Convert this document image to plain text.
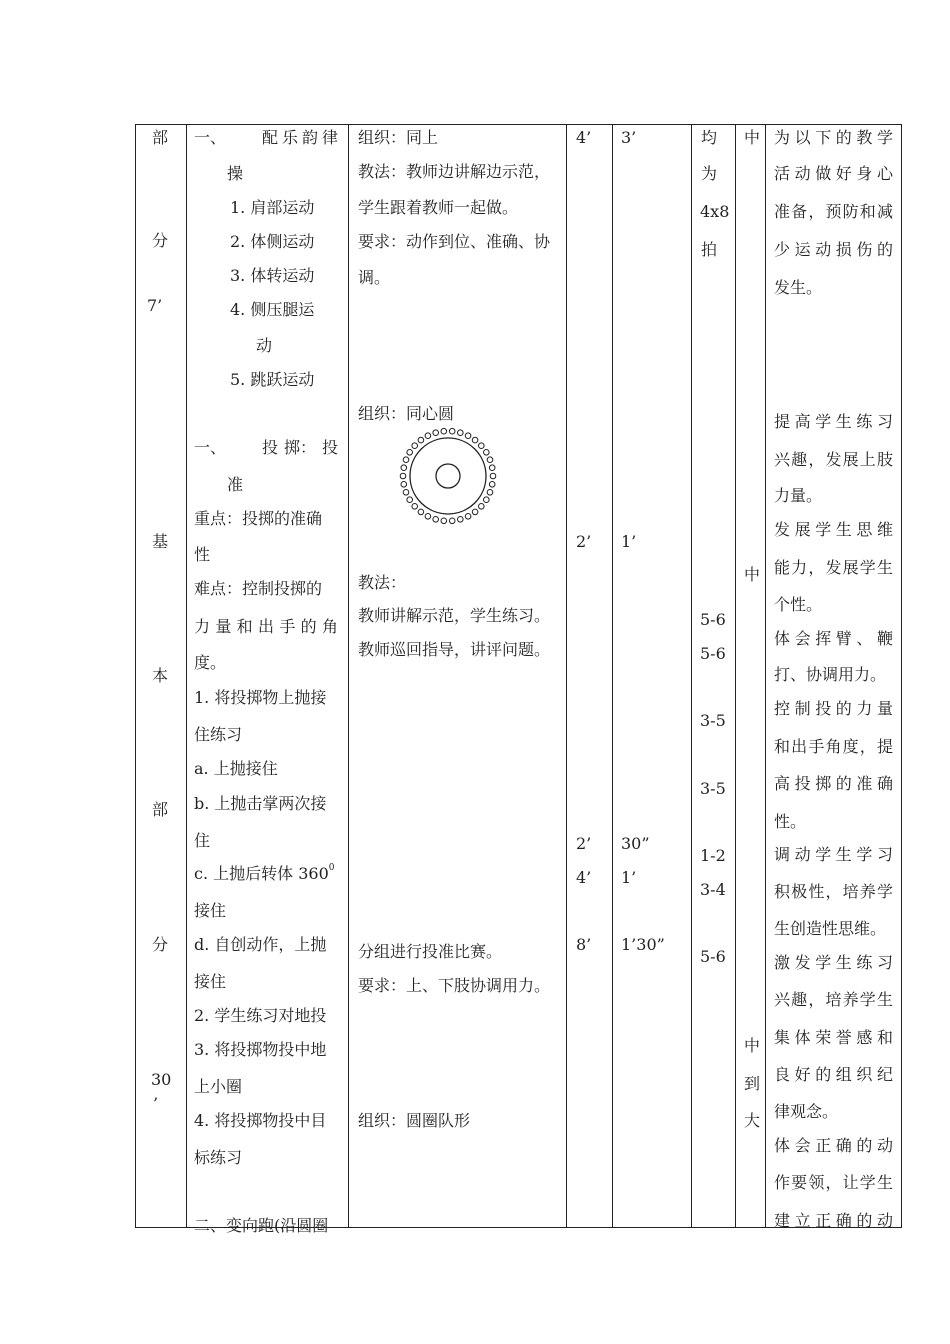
部
分
7’
基
本
部
分
30
’
一、 配 乐 韵 律
操
1. 肩部运动
2. 体侧运动
3. 体转运动
4. 侧压腿运
动
5. 跳跃运动
一、 投 掷： 投
准
重点：投掷的准确
性
难点：控制投掷的
力 量 和 出 手 的 角
度。
1. 将投掷物上抛接
住练习
a. 上抛接住
b. 上抛击掌两次接
住
c. 上抛后转体 $360^0$
接住
d. 自创动作，上抛
接住
2. 学生练习对地投
3. 将投掷物投中地
上小圈
4. 将投掷物投中目
标练习
二、变向跑(沿圆圈
组织：同上
教法：教师边讲解边示范，
学生跟着教师一起做。
要求：动作到位、准确、协
调。
组织：同心圆
教法：
教师讲解示范，学生练习。
教师巡回指导，讲评问题。
分组进行投准比赛。
要求：上、下肢协调用力。
组织：圆圈队形
4’
2’
2’
4’
8’
3’
1’
30”
1’
1’30”
均
为
4x8
拍
5-6
5-6
3-5
3-5
1-2
3-4
5-6
中
中
中
到
大
为 以 下 的 教 学
活 动 做 好 身 心
准 备 ， 预 防 和 减
少 运 动 损 伤 的
发生。
提 高 学 生 练 习
兴 趣 ， 发 展 上 肢
力量。
发 展 学 生 思 维
能 力 ， 发 展 学 生
个性。
体 会 挥 臂 、 鞭
打、协调用力。
控 制 投 的 力 量
和 出 手 角 度 ， 提
高 投 掷 的 准 确
性。
调 动 学 生 学 习
积 极 性 ， 培 养 学
生创造性思维。
激 发 学 生 练 习
兴 趣 ， 培 养 学 生
集 体 荣 誉 感 和
良 好 的 组 织 纪
律观念。
体 会 正 确 的 动
作 要 领 ， 让 学 生
建 立 正 确 的 动
